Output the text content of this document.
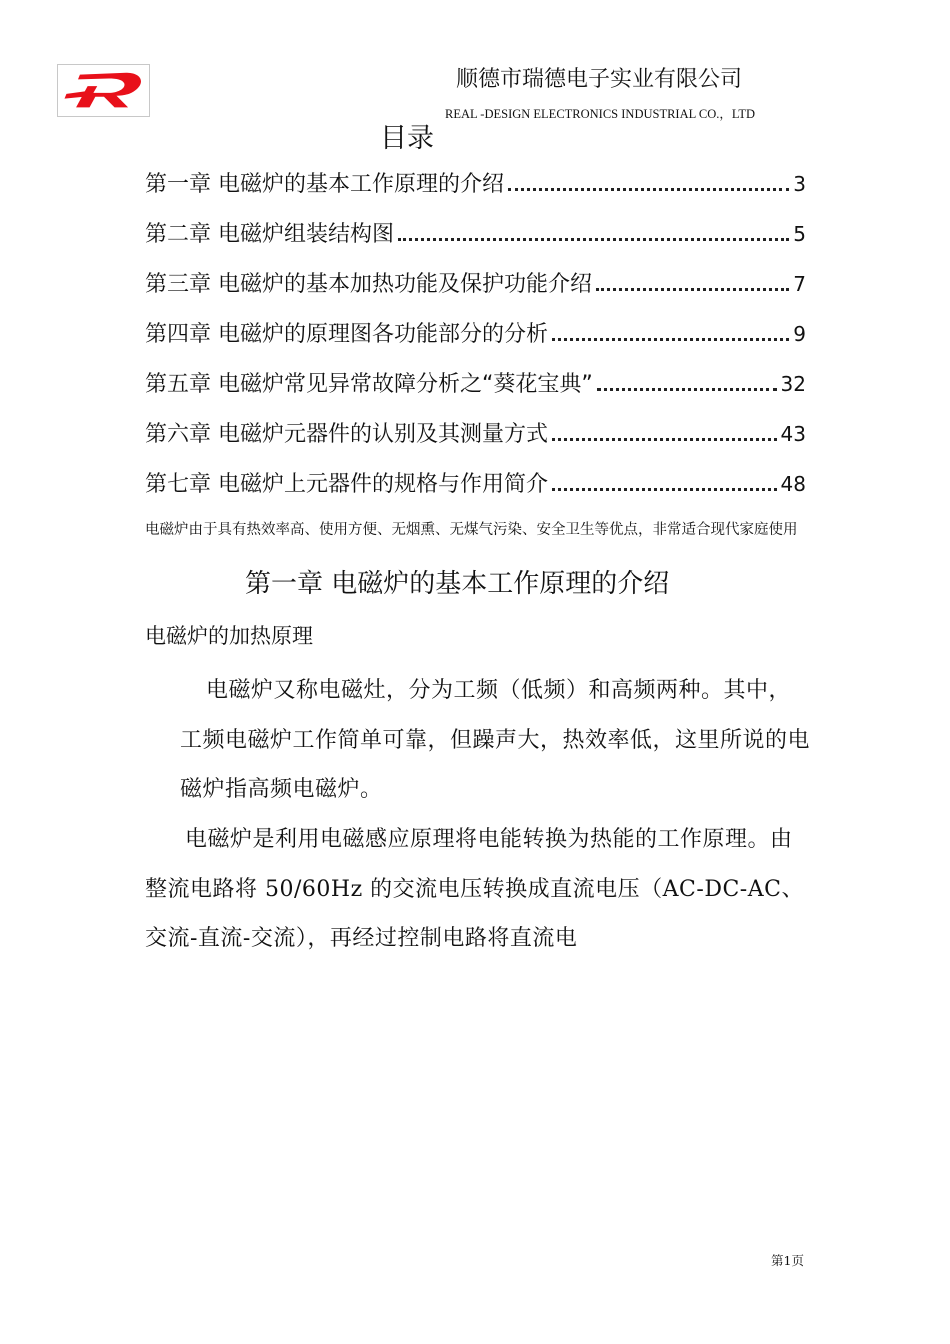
顺德市瑞德电子实业有限公司
REAL -DESIGN ELECTRONICS INDUSTRIAL CO.，LTD
目录
第一章 电磁炉的基本工作原理的介绍	3
第二章 电磁炉组装结构图	5
第三章 电磁炉的基本加热功能及保护功能介绍	7
第四章 电磁炉的原理图各功能部分的分析	9
第五章 电磁炉常见异常故障分析之“葵花宝典”	32
第六章 电磁炉元器件的认别及其测量方式	43
第七章 电磁炉上元器件的规格与作用简介	48
电磁炉由于具有热效率高、使用方便、无烟熏、无煤气污染、安全卫生等优点，非常适合现代家庭使用
第一章 电磁炉的基本工作原理的介绍
电磁炉的加热原理
电磁炉又称电磁灶，分为工频（低频）和高频两种。其中，工频电磁炉工作简单可靠，但躁声大，热效率低，这里所说的电磁炉指高频电磁炉。
电磁炉是利用电磁感应原理将电能转换为热能的工作原理。由整流电路将 50/60Hz 的交流电压转换成直流电压（AC-DC-AC、交流-直流-交流），再经过控制电路将直流电
第1页
